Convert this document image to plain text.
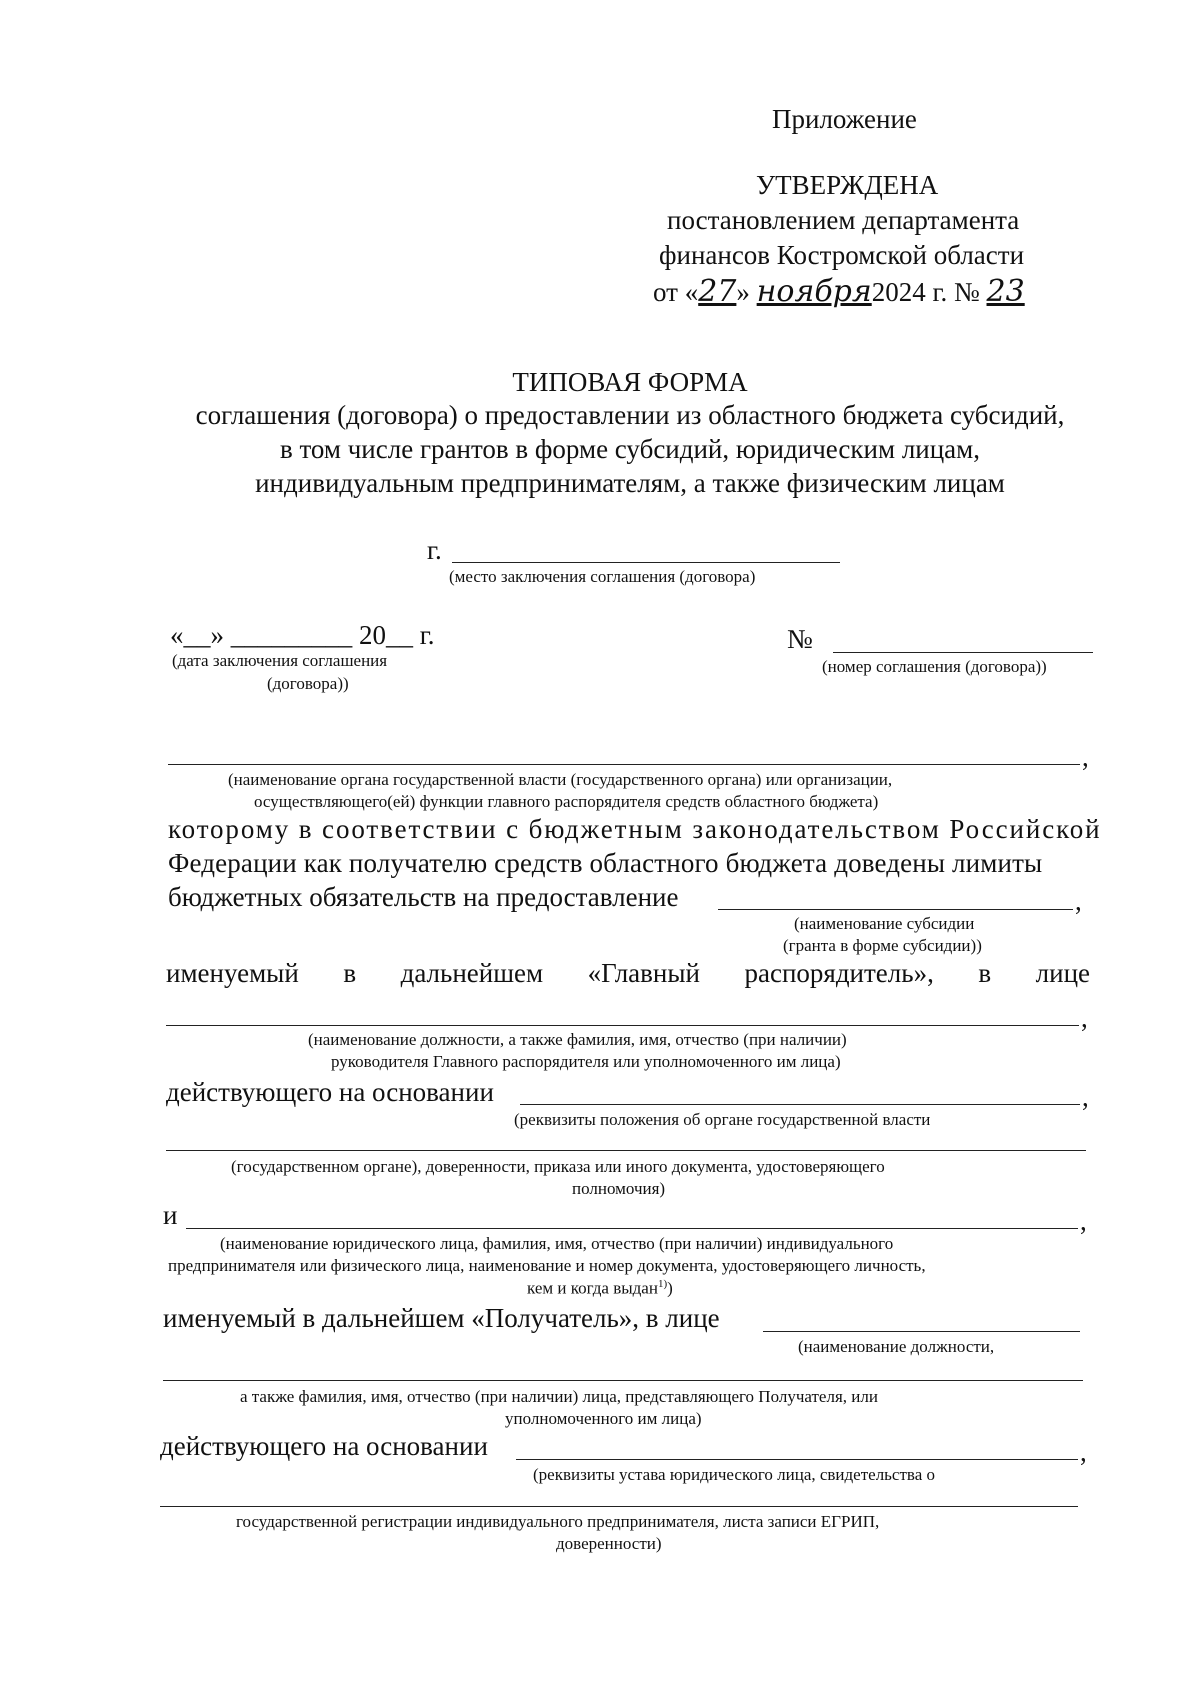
Приложение
УТВЕРЖДЕНА
постановлением департамента
финансов Костромской области
от «27» ноября2024 г. № 23
ТИПОВАЯ ФОРМА
соглашения (договора) о предоставлении из областного бюджета субсидий,
в том числе грантов в форме субсидий, юридическим лицам,
индивидуальным предпринимателям, а также физическим лицам
г.
(место заключения соглашения (договора)
«__» _________ 20__ г.
(дата заключения соглашения
(договора))
№
(номер соглашения (договора))
,
(наименование органа государственной власти (государственного органа) или организации,
осуществляющего(ей) функции главного распорядителя средств областного бюджета)
которому в соответствии с бюджетным законодательством Российской
Федерации как получателю средств областного бюджета доведены лимиты
бюджетных обязательств на предоставление	,
(наименование субсидии
(гранта в форме субсидии))
именуемый в дальнейшем «Главный распорядитель», в лице
,
(наименование должности, а также фамилия, имя, отчество (при наличии)
руководителя Главного распорядителя или уполномоченного им лица)
действующего на основании	,
(реквизиты положения об органе государственной власти
(государственном органе), доверенности, приказа или иного документа, удостоверяющего
полномочия)
и	,
(наименование юридического лица, фамилия, имя, отчество (при наличии) индивидуального
предпринимателя или физического лица, наименование и номер документа, удостоверяющего личность,
кем и когда выдан$^{1)}$)
именуемый в дальнейшем «Получатель», в лице
(наименование должности,
а также фамилия, имя, отчество (при наличии) лица, представляющего Получателя, или
уполномоченного им лица)
действующего на основании	,
(реквизиты устава юридического лица, свидетельства о
государственной регистрации индивидуального предпринимателя, листа записи ЕГРИП,
доверенности)
